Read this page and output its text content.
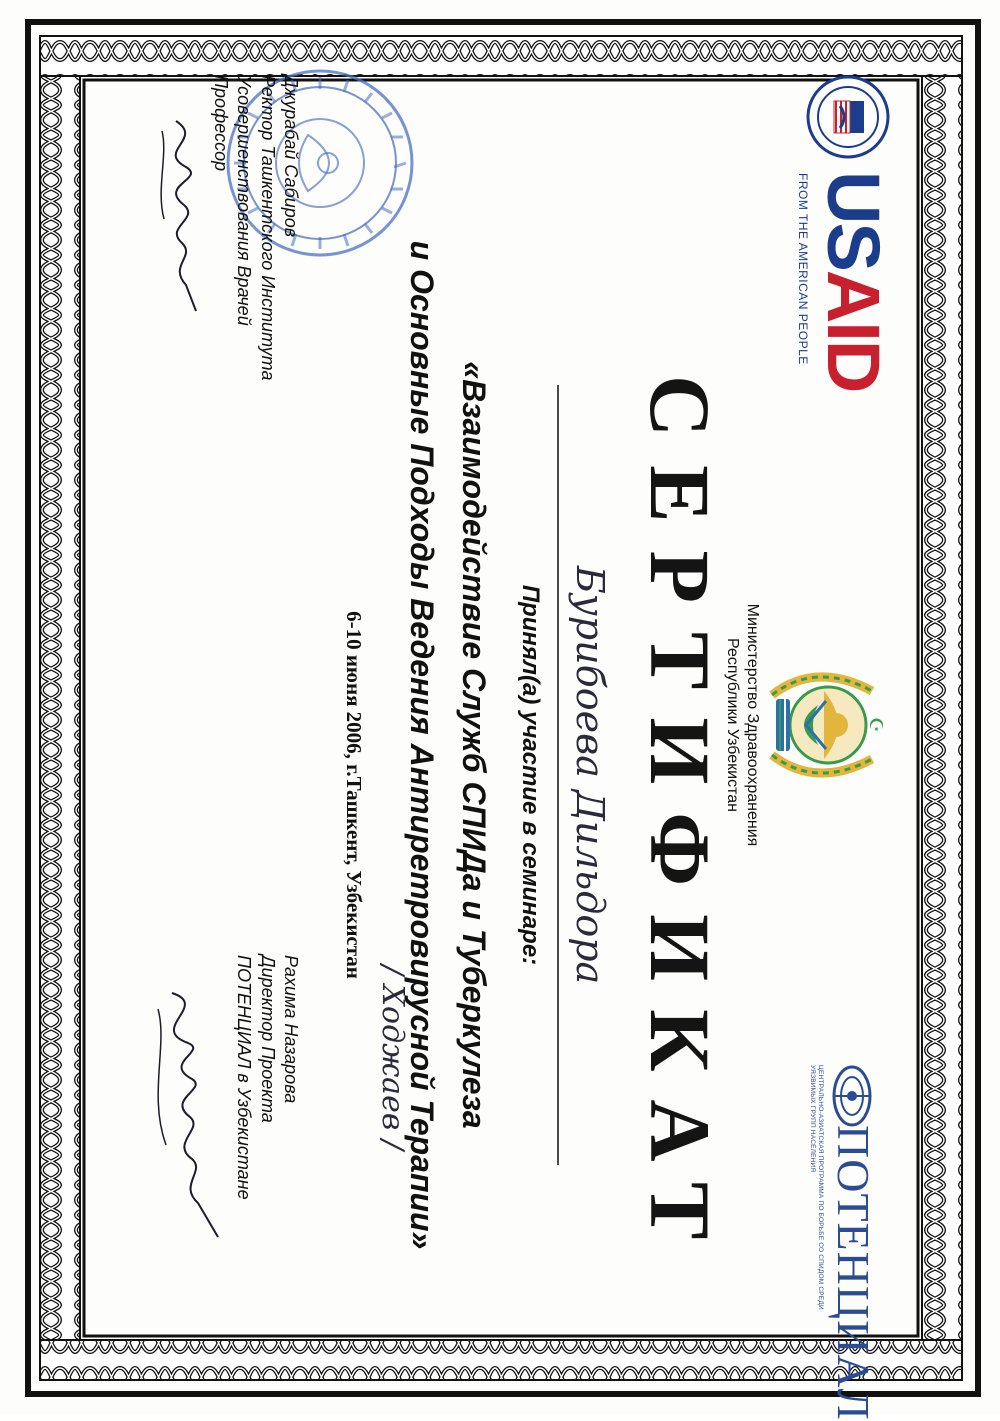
USAID
FROM THE AMERICAN PEOPLE
☪
Министерство Здравоохранения
Республики Узбекистан
ПОТЕНЦИАЛ
ЦЕНТРАЛЬНО-АЗИАТСКАЯ ПРОГРАММА ПО БОРЬБЕ СО СПИДОМ СРЕДИ УЯЗВИМЫХ ГРУПП НАСЕЛЕНИЯ
СЕРТИФИКАТ
Бурибоева Дильдора
Принял(а) участие в семинаре:
«Взаимодействие Служб СПИДа и Туберкулеза
и Основные Подходы Ведения Антиретровирусной Терапии»
6-10 июня 2006, г.Ташкент, Узбекистан
/ Ходжаев /
Джурабай Сабиров
Ректор Ташкентского Института
Усовершенствования Врачей
Профессор
Рахима Назарова
Директор Проекта
ПОТЕНЦИАЛ в Узбекистане
